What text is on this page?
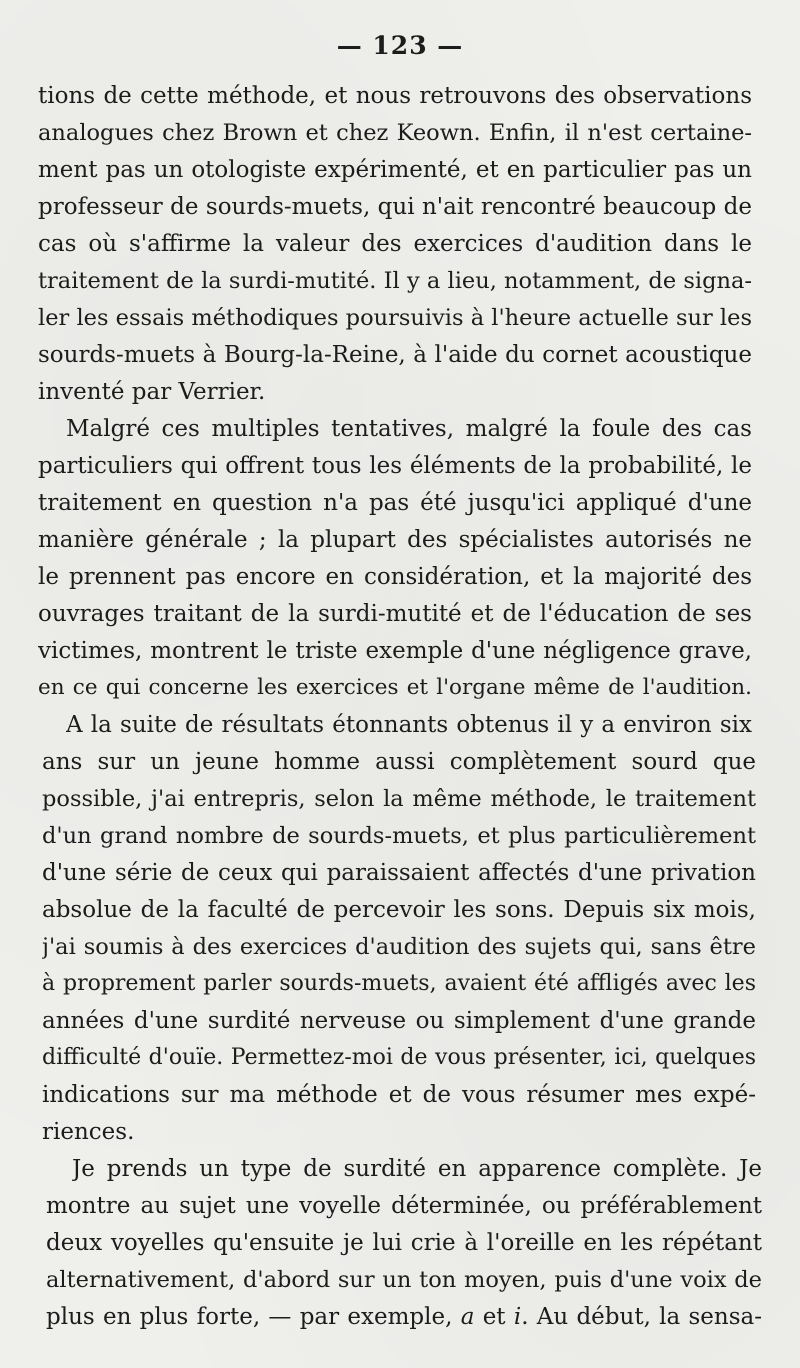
— 123 —
tions de cette méthode, et nous retrouvons des observations
analogues chez Brown et chez Keown. Enfin, il n'est certaine-
ment pas un otologiste expérimenté, et en particulier pas un
professeur de sourds-muets, qui n'ait rencontré beaucoup de
cas où s'affirme la valeur des exercices d'audition dans le
traitement de la surdi-mutité. Il y a lieu, notamment, de signa-
ler les essais méthodiques poursuivis à l'heure actuelle sur les
sourds-muets à Bourg-la-Reine, à l'aide du cornet acoustique
inventé par Verrier.
Malgré ces multiples tentatives, malgré la foule des cas
particuliers qui offrent tous les éléments de la probabilité, le
traitement en question n'a pas été jusqu'ici appliqué d'une
manière générale ; la plupart des spécialistes autorisés ne
le prennent pas encore en considération, et la majorité des
ouvrages traitant de la surdi-mutité et de l'éducation de ses
victimes, montrent le triste exemple d'une négligence grave,
en ce qui concerne les exercices et l'organe même de l'audition.
A la suite de résultats étonnants obtenus il y a environ six
ans sur un jeune homme aussi complètement sourd que
possible, j'ai entrepris, selon la même méthode, le traitement
d'un grand nombre de sourds-muets, et plus particulièrement
d'une série de ceux qui paraissaient affectés d'une privation
absolue de la faculté de percevoir les sons. Depuis six mois,
j'ai soumis à des exercices d'audition des sujets qui, sans être
à proprement parler sourds-muets, avaient été affligés avec les
années d'une surdité nerveuse ou simplement d'une grande
difficulté d'ouïe. Permettez-moi de vous présenter, ici, quelques
indications sur ma méthode et de vous résumer mes expé-
riences.
Je prends un type de surdité en apparence complète. Je
montre au sujet une voyelle déterminée, ou préférablement
deux voyelles qu'ensuite je lui crie à l'oreille en les répétant
alternativement, d'abord sur un ton moyen, puis d'une voix de
plus en plus forte, — par exemple, a et i. Au début, la sensa-
